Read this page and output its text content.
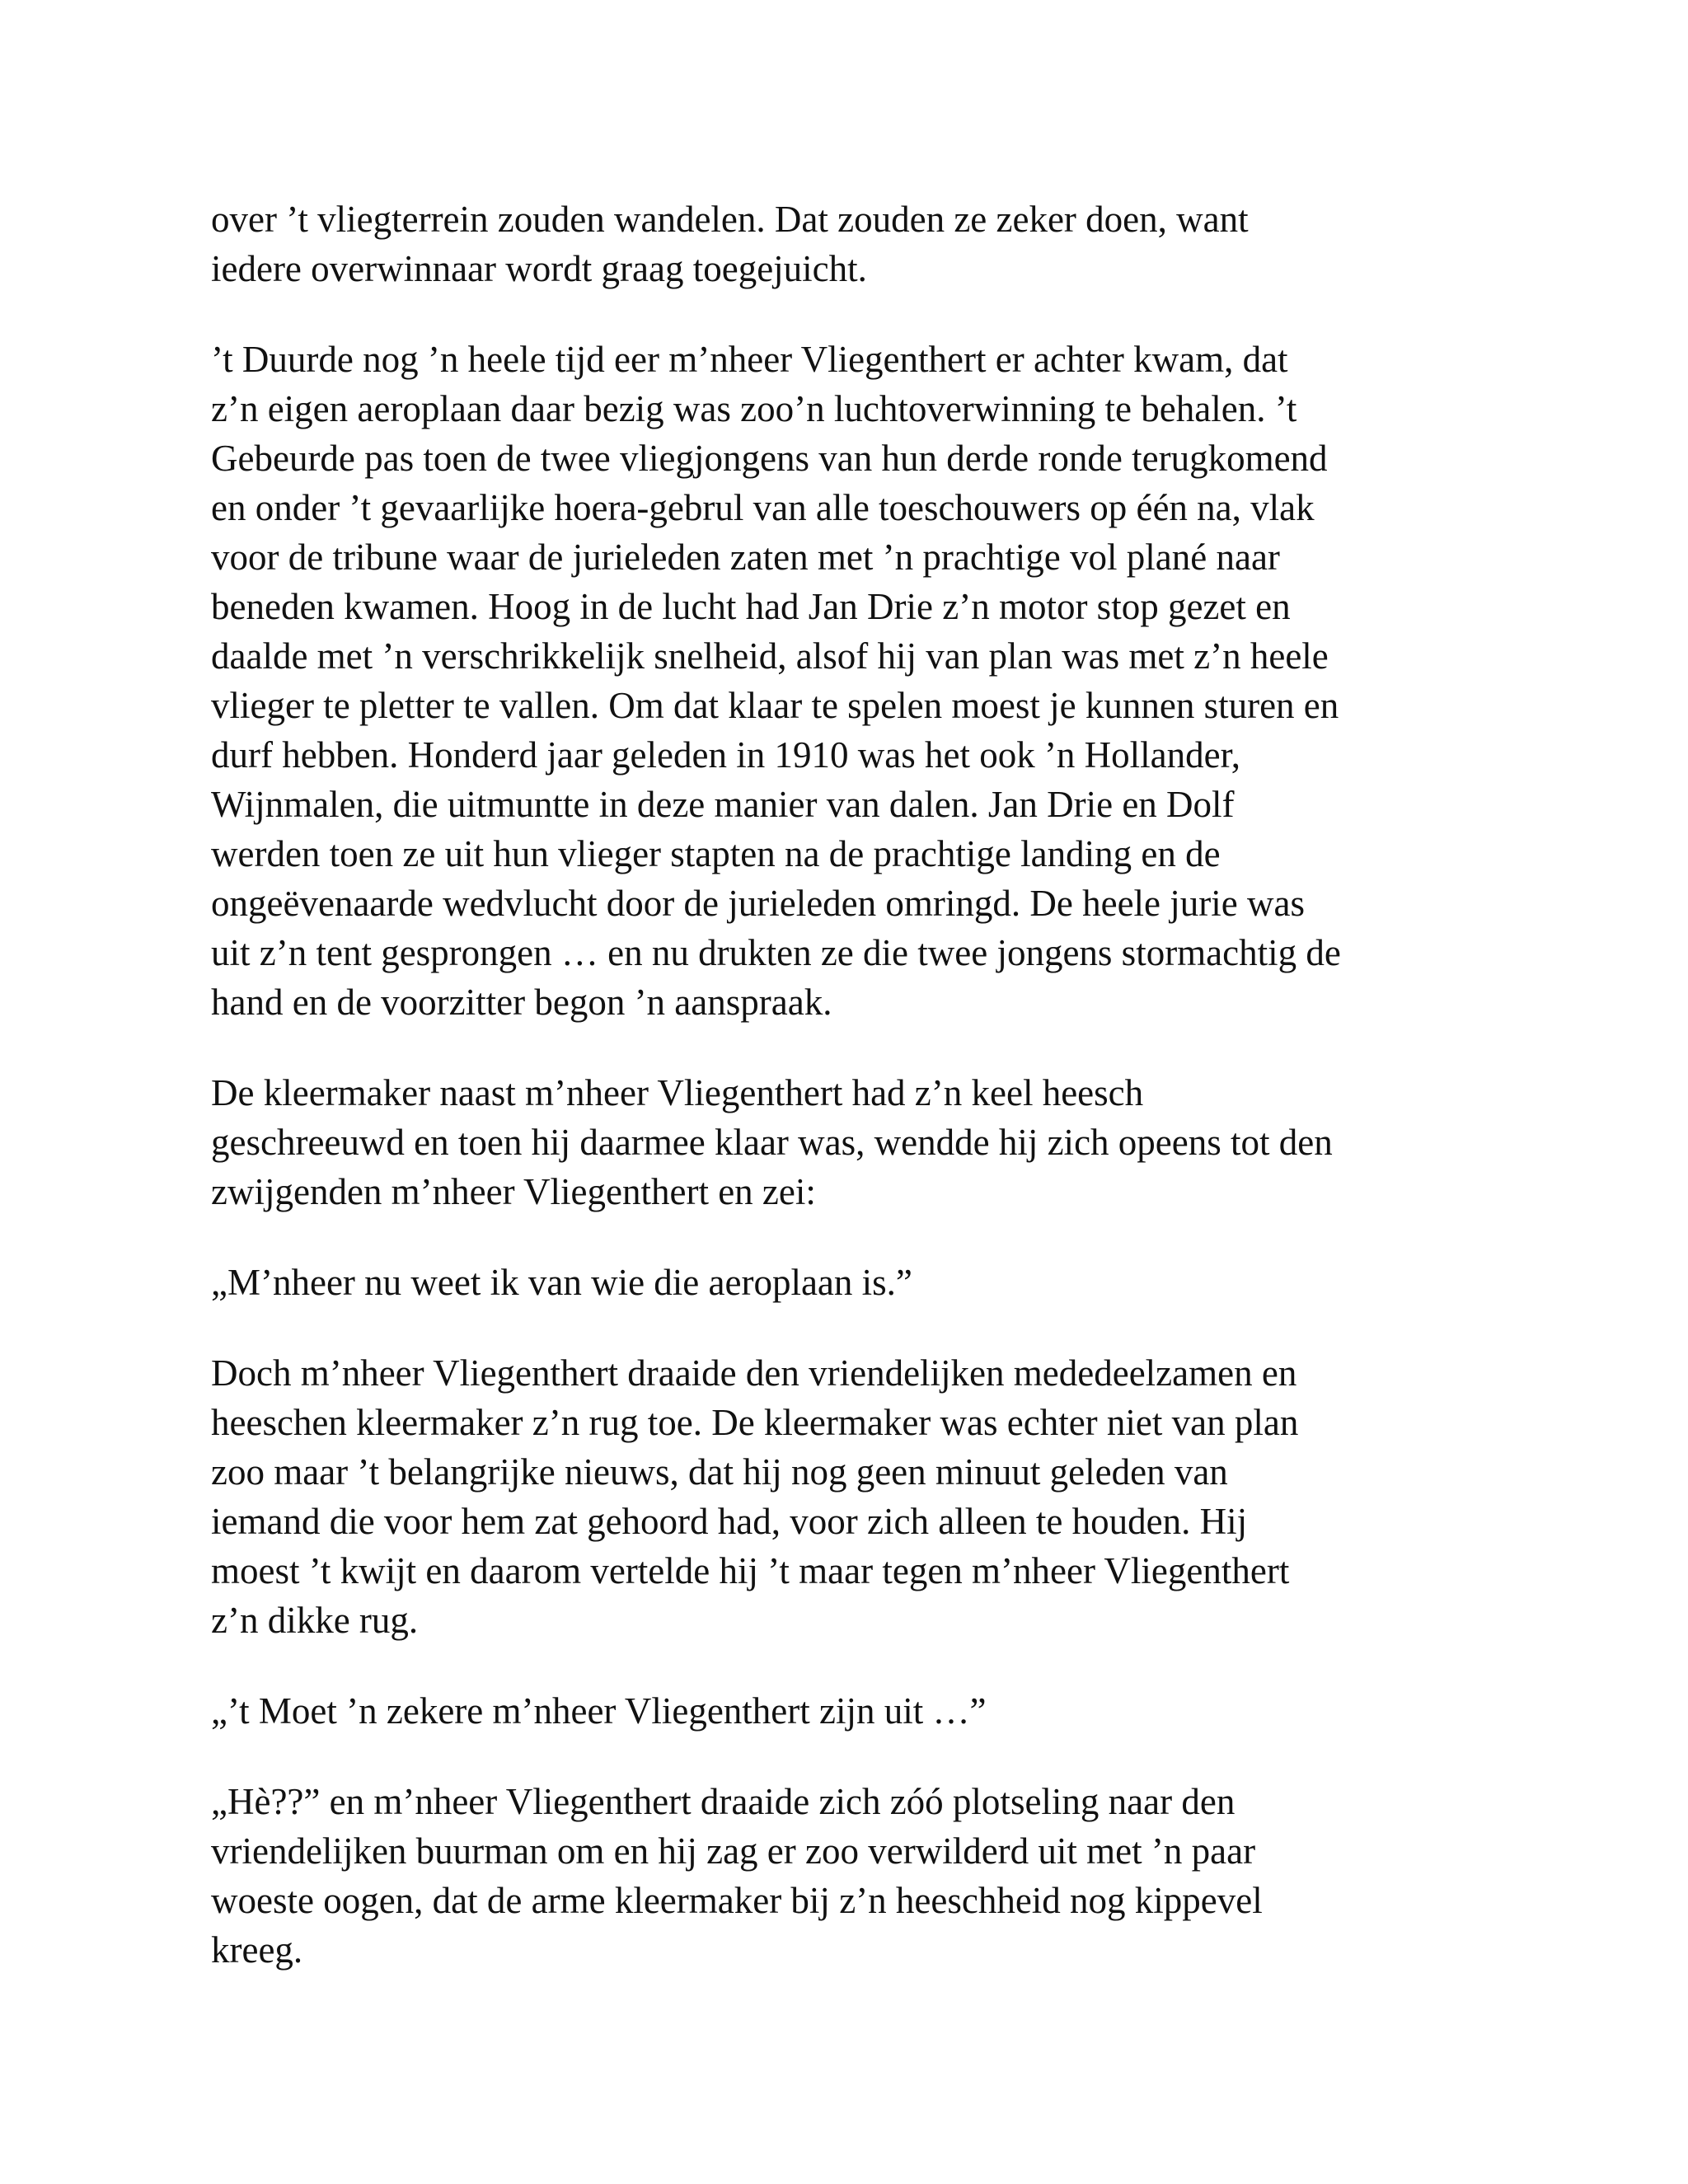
over ’t vliegterrein zouden wandelen. Dat zouden ze zeker doen, want
iedere overwinnaar wordt graag toegejuicht.

’t Duurde nog ’n heele tijd eer m’nheer Vliegenthert er achter kwam, dat
z’n eigen aeroplaan daar bezig was zoo’n luchtoverwinning te behalen. ’t
Gebeurde pas toen de twee vliegjongens van hun derde ronde terugkomend
en onder ’t gevaarlijke hoera-gebrul van alle toeschouwers op één na, vlak
voor de tribune waar de jurieleden zaten met ’n prachtige vol plané naar
beneden kwamen. Hoog in de lucht had Jan Drie z’n motor stop gezet en
daalde met ’n verschrikkelijk snelheid, alsof hij van plan was met z’n heele
vlieger te pletter te vallen. Om dat klaar te spelen moest je kunnen sturen en
durf hebben. Honderd jaar geleden in 1910 was het ook ’n Hollander,
Wijnmalen, die uitmuntte in deze manier van dalen. Jan Drie en Dolf
werden toen ze uit hun vlieger stapten na de prachtige landing en de
ongeëvenaarde wedvlucht door de jurieleden omringd. De heele jurie was
uit z’n tent gesprongen … en nu drukten ze die twee jongens stormachtig de
hand en de voorzitter begon ’n aanspraak.

De kleermaker naast m’nheer Vliegenthert had z’n keel heesch
geschreeuwd en toen hij daarmee klaar was, wendde hij zich opeens tot den
zwijgenden m’nheer Vliegenthert en zei:

„M’nheer nu weet ik van wie die aeroplaan is.”

Doch m’nheer Vliegenthert draaide den vriendelijken mededeelzamen en
heeschen kleermaker z’n rug toe. De kleermaker was echter niet van plan
zoo maar ’t belangrijke nieuws, dat hij nog geen minuut geleden van
iemand die voor hem zat gehoord had, voor zich alleen te houden. Hij
moest ’t kwijt en daarom vertelde hij ’t maar tegen m’nheer Vliegenthert
z’n dikke rug.

„’t Moet ’n zekere m’nheer Vliegenthert zijn uit …”

„Hè??” en m’nheer Vliegenthert draaide zich zóó plotseling naar den
vriendelijken buurman om en hij zag er zoo verwilderd uit met ’n paar
woeste oogen, dat de arme kleermaker bij z’n heeschheid nog kippevel
kreeg.
